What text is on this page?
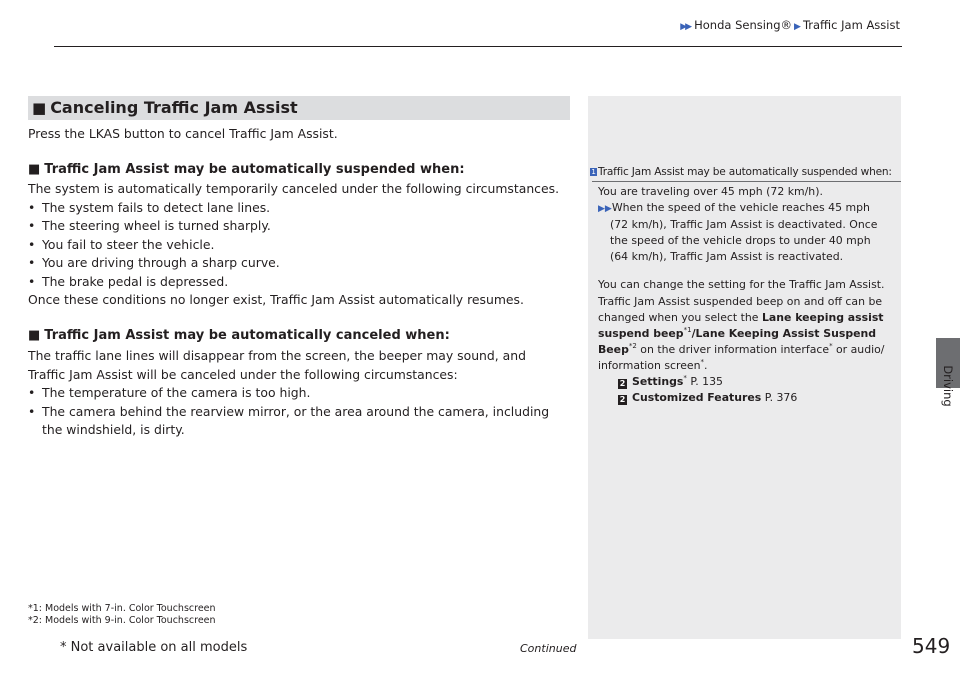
▶▶ Honda Sensing® ▶ Traffic Jam Assist
Driving
■ Canceling Traffic Jam Assist
Press the LKAS button to cancel Traffic Jam Assist.
■ Traffic Jam Assist may be automatically suspended when:
The system is automatically temporarily canceled under the following circumstances.
• The system fails to detect lane lines.
• The steering wheel is turned sharply.
• You fail to steer the vehicle.
• You are driving through a sharp curve.
• The brake pedal is depressed.
Once these conditions no longer exist, Traffic Jam Assist automatically resumes.
■ Traffic Jam Assist may be automatically canceled when:
The traffic lane lines will disappear from the screen, the beeper may sound, and
Traffic Jam Assist will be canceled under the following circumstances:
• The temperature of the camera is too high.
• The camera behind the rearview mirror, or the area around the camera, including
the windshield, is dirty.
*1: Models with 7-in. Color Touchscreen
*2: Models with 9-in. Color Touchscreen
1 Traffic Jam Assist may be automatically suspended when:
You are traveling over 45 mph (72 km/h).
▶▶When the speed of the vehicle reaches 45 mph
(72 km/h), Traffic Jam Assist is deactivated. Once
the speed of the vehicle drops to under 40 mph
(64 km/h), Traffic Jam Assist is reactivated.
You can change the setting for the Traffic Jam Assist.
Traffic Jam Assist suspended beep on and off can be
changed when you select the Lane keeping assist
suspend beep$^{*1}$/Lane Keeping Assist Suspend
Beep$^{*2}$ on the driver information interface* or audio/
information screen*.
2 Settings* P. 135
2 Customized Features P. 376
* Not available on all models	Continued	549
